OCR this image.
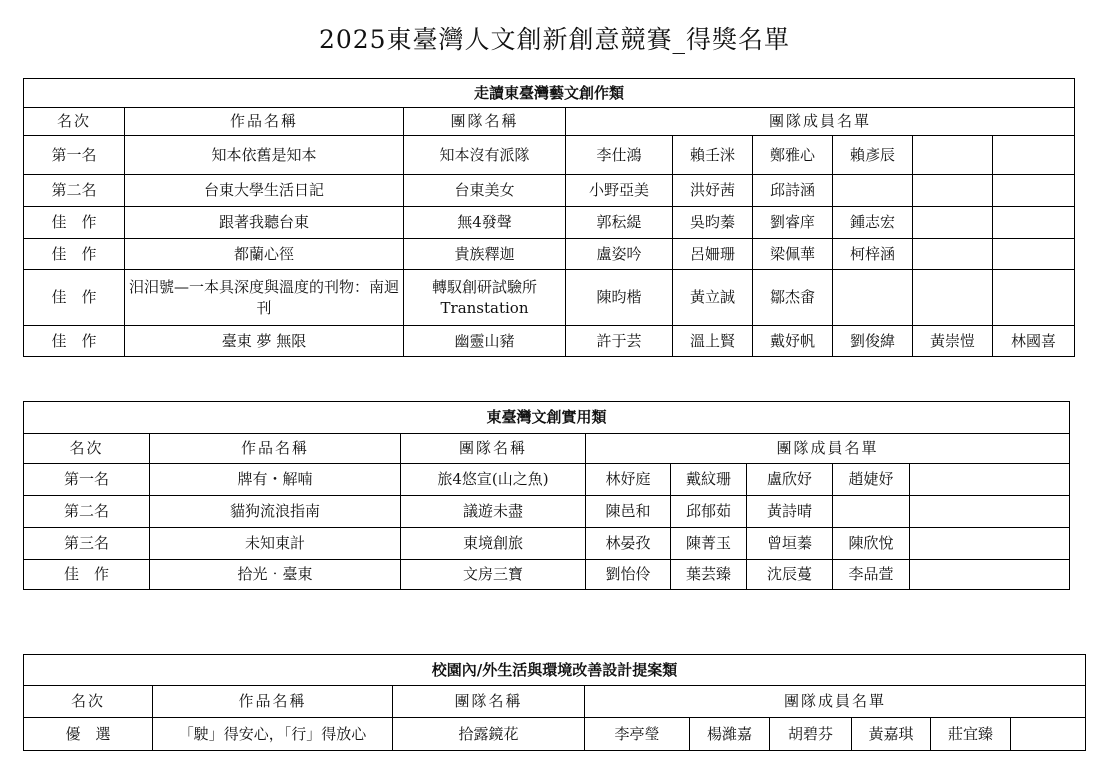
2025東臺灣人文創新創意競賽_得獎名單
走讀東臺灣藝文創作類								
名次	作品名稱	團隊名稱	團隊成員名單					
第一名	知本依舊是知本	知本沒有派隊	李仕鴻	賴壬洣	鄭雅心	賴彥辰		
第二名	台東大學生活日記	台東美女	小野亞美	洪妤茜	邱詩涵			
佳　作	跟著我聽台東	無4發聲	郭秐緹	吳昀蓁	劉睿庠	鍾志宏		
佳　作	都蘭心徑	貴族釋迦	盧姿吟	呂姍珊	梁佩華	柯梓涵		
佳　作	汨汨號—一本具深度與溫度的刊物：南迴刊	轉馭創研試驗所Transtation	陳昀楷	黃立誠	鄒杰畬			
佳　作	臺東 夢 無限	幽靈山豬	許于芸	溫上賢	戴妤帆	劉俊緯	黃崇愷	林國喜
東臺灣文創實用類							
名次	作品名稱	團隊名稱	團隊成員名單				
第一名	牌有・解喃	旅4悠宣(山之魚)	林妤庭	戴紋珊	盧欣妤	趙婕妤	
第二名	貓狗流浪指南	議遊未盡	陳邑和	邱郁茹	黃詩晴		
第三名	未知東計	東境創旅	林晏孜	陳菁玉	曾垣蓁	陳欣悅	
佳　作	拾光‧臺東	文房三寶	劉怡伶	葉芸臻	沈辰蔓	李品萱	
校園內/外生活與環境改善設計提案類								
名次	作品名稱	團隊名稱	團隊成員名單					
優　選	「駛」得安心，「行」得放心	拾露鏡花	李亭瑩	楊濰嘉	胡碧芬	黃嘉琪	莊宜臻	
